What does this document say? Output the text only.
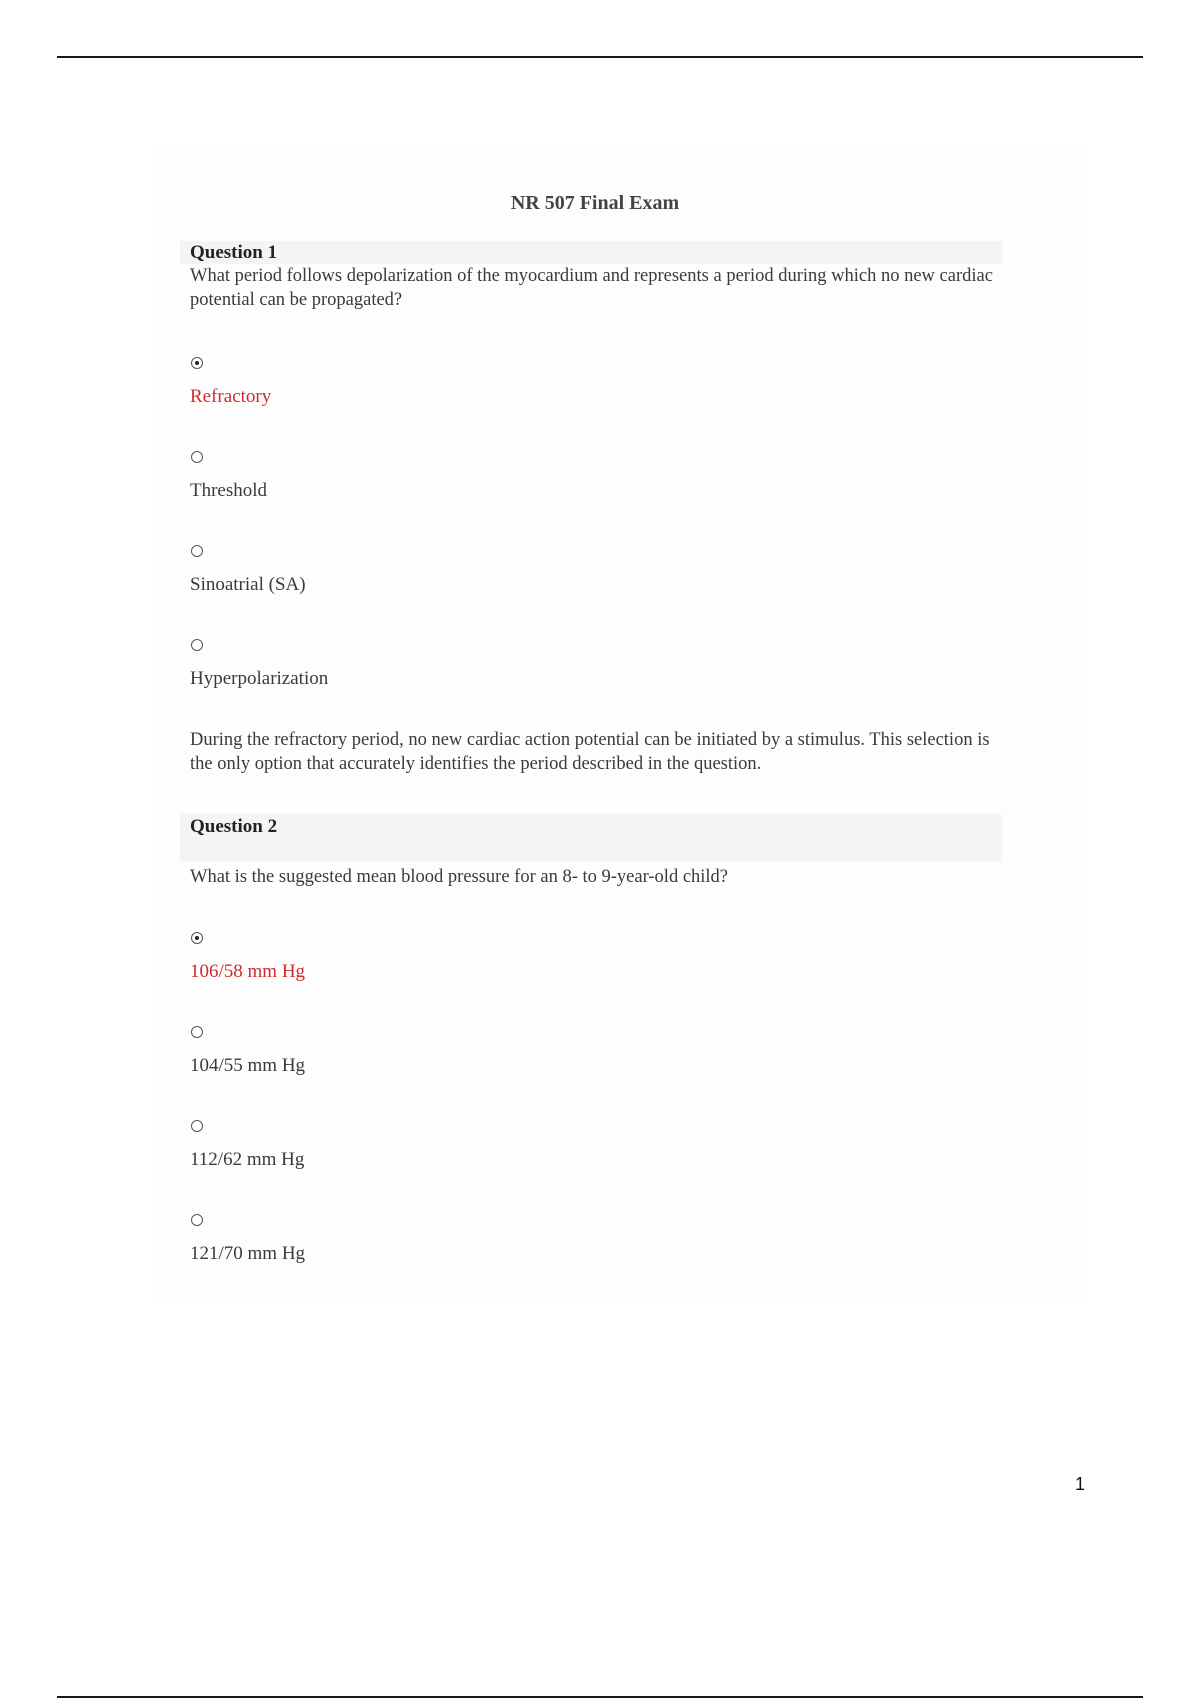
NR 507 Final Exam
Question 1
What period follows depolarization of the myocardium and represents a period during which no new cardiac potential can be propagated?
Refractory
Threshold
Sinoatrial (SA)
Hyperpolarization
During the refractory period, no new cardiac action potential can be initiated by a stimulus. This selection is the only option that accurately identifies the period described in the question.
Question 2
What is the suggested mean blood pressure for an 8- to 9-year-old child?
106/58 mm Hg
104/55 mm Hg
112/62 mm Hg
121/70 mm Hg
1
